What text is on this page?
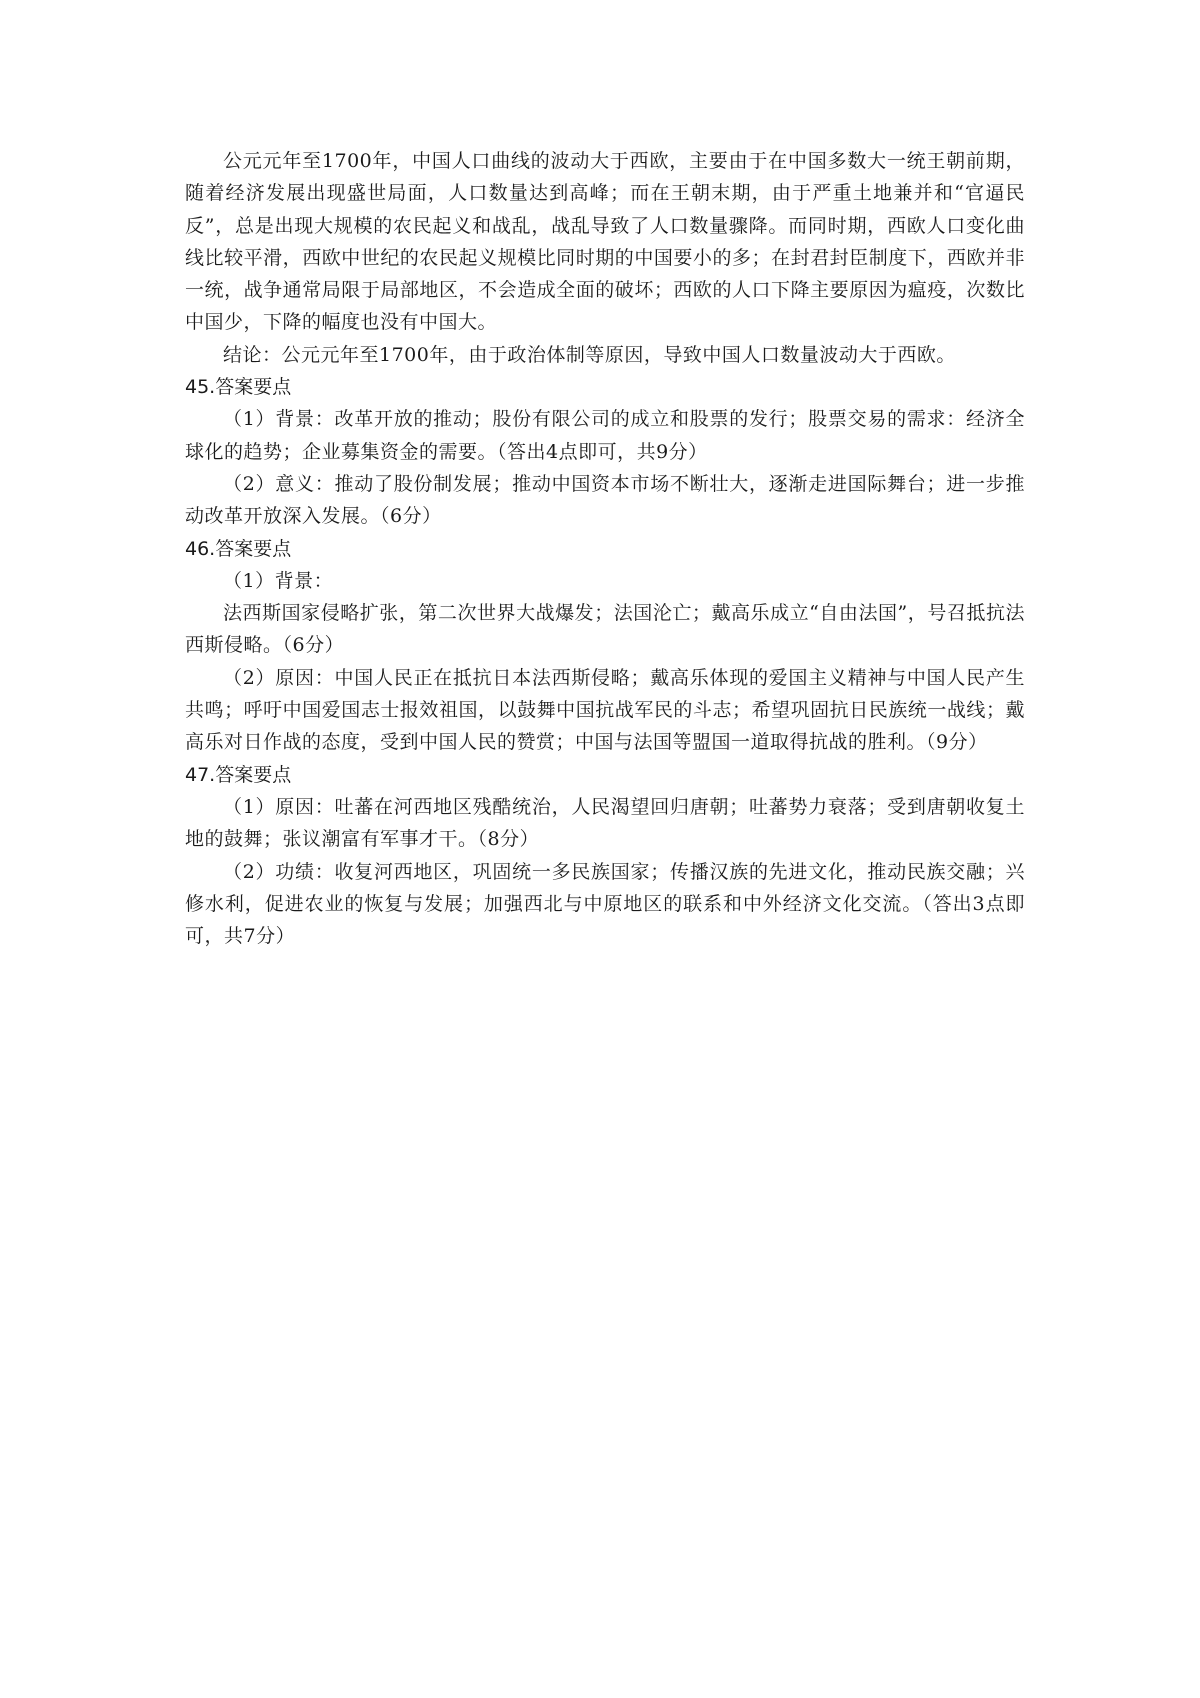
公元元年至1700年，中国人口曲线的波动大于西欧，主要由于在中国多数大一统王朝前期，随着经济发展出现盛世局面，人口数量达到高峰；而在王朝末期，由于严重土地兼并和“官逼民反”，总是出现大规模的农民起义和战乱，战乱导致了人口数量骤降。而同时期，西欧人口变化曲线比较平滑，西欧中世纪的农民起义规模比同时期的中国要小的多；在封君封臣制度下，西欧并非一统，战争通常局限于局部地区，不会造成全面的破坏；西欧的人口下降主要原因为瘟疫，次数比中国少，下降的幅度也没有中国大。

结论：公元元年至1700年，由于政治体制等原因，导致中国人口数量波动大于西欧。

45.答案要点

（1）背景：改革开放的推动；股份有限公司的成立和股票的发行；股票交易的需求：经济全球化的趋势；企业募集资金的需要。（答出4点即可，共9分）

（2）意义：推动了股份制发展；推动中国资本市场不断壮大，逐渐走进国际舞台；进一步推动改革开放深入发展。（6分）

46.答案要点

（1）背景：

法西斯国家侵略扩张，第二次世界大战爆发；法国沦亡；戴高乐成立“自由法国”，号召抵抗法西斯侵略。（6分）

（2）原因：中国人民正在抵抗日本法西斯侵略；戴高乐体现的爱国主义精神与中国人民产生共鸣；呼吁中国爱国志士报效祖国，以鼓舞中国抗战军民的斗志；希望巩固抗日民族统一战线；戴高乐对日作战的态度，受到中国人民的赞赏；中国与法国等盟国一道取得抗战的胜利。（9分）

47.答案要点

（1）原因：吐蕃在河西地区残酷统治，人民渴望回归唐朝；吐蕃势力衰落；受到唐朝收复土地的鼓舞；张议潮富有军事才干。（8分）

（2）功绩：收复河西地区，巩固统一多民族国家；传播汉族的先进文化，推动民族交融；兴修水利，促进农业的恢复与发展；加强西北与中原地区的联系和中外经济文化交流。（答出3点即可，共7分）
